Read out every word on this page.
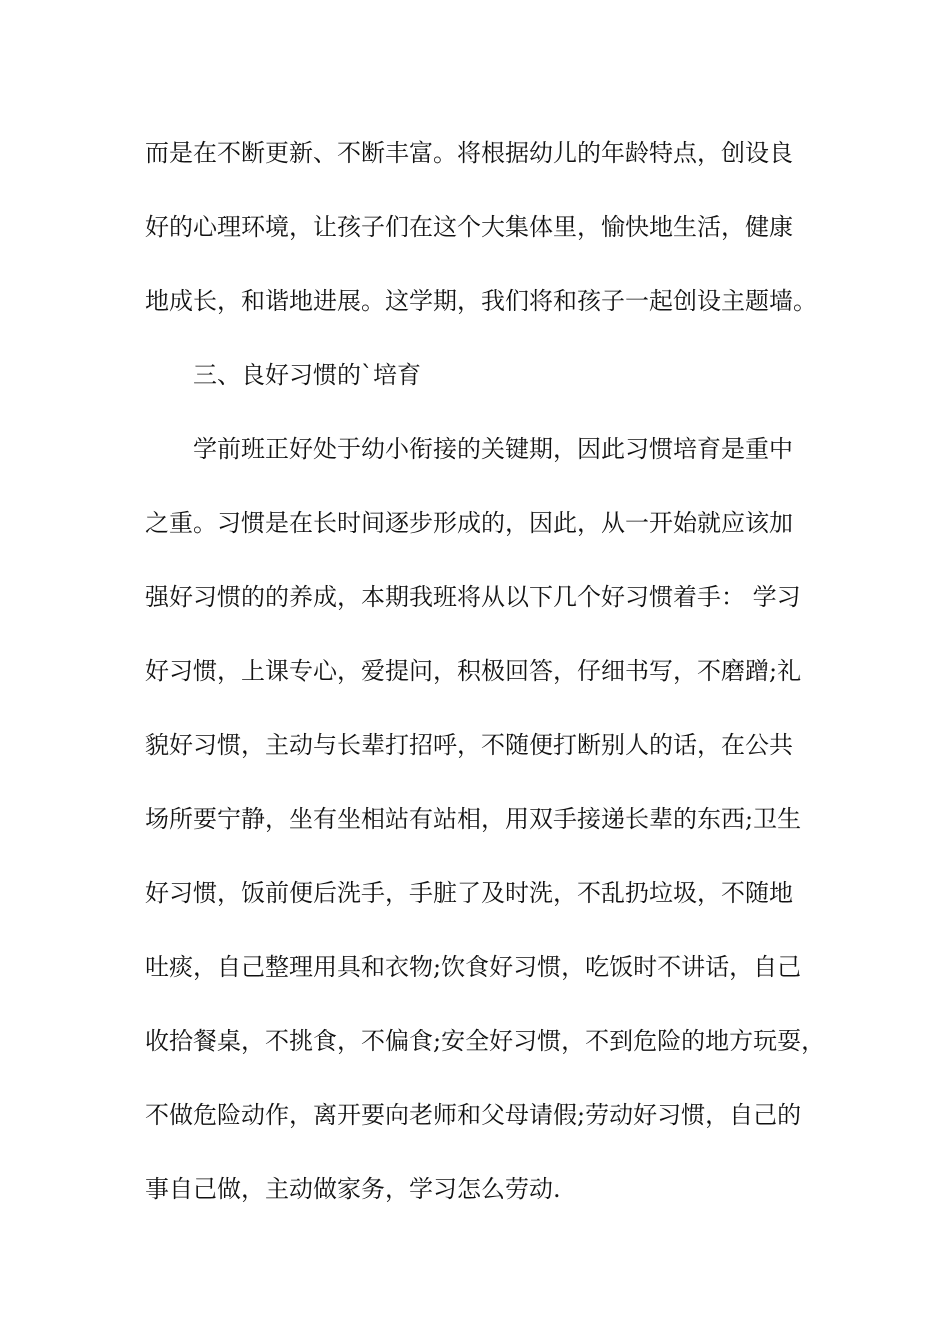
而是在不断更新、不断丰富。将根据幼儿的年龄特点，创设良
好的心理环境，让孩子们在这个大集体里，愉快地生活，健康
地成长，和谐地进展。这学期，我们将和孩子一起创设主题墙。
三、良好习惯的`培育
学前班正好处于幼小衔接的关键期，因此习惯培育是重中
之重。习惯是在长时间逐步形成的，因此，从一开始就应该加
强好习惯的的养成，本期我班将从以下几个好习惯着手： 学习
好习惯，上课专心，爱提问，积极回答，仔细书写，不磨蹭;礼
貌好习惯，主动与长辈打招呼，不随便打断别人的话，在公共
场所要宁静，坐有坐相站有站相，用双手接递长辈的东西;卫生
好习惯，饭前便后洗手，手脏了及时洗，不乱扔垃圾，不随地
吐痰，自己整理用具和衣物;饮食好习惯，吃饭时不讲话，自己
收拾餐桌，不挑食，不偏食;安全好习惯，不到危险的地方玩耍，
不做危险动作，离开要向老师和父母请假;劳动好习惯，自己的
事自己做，主动做家务，学习怎么劳动.
